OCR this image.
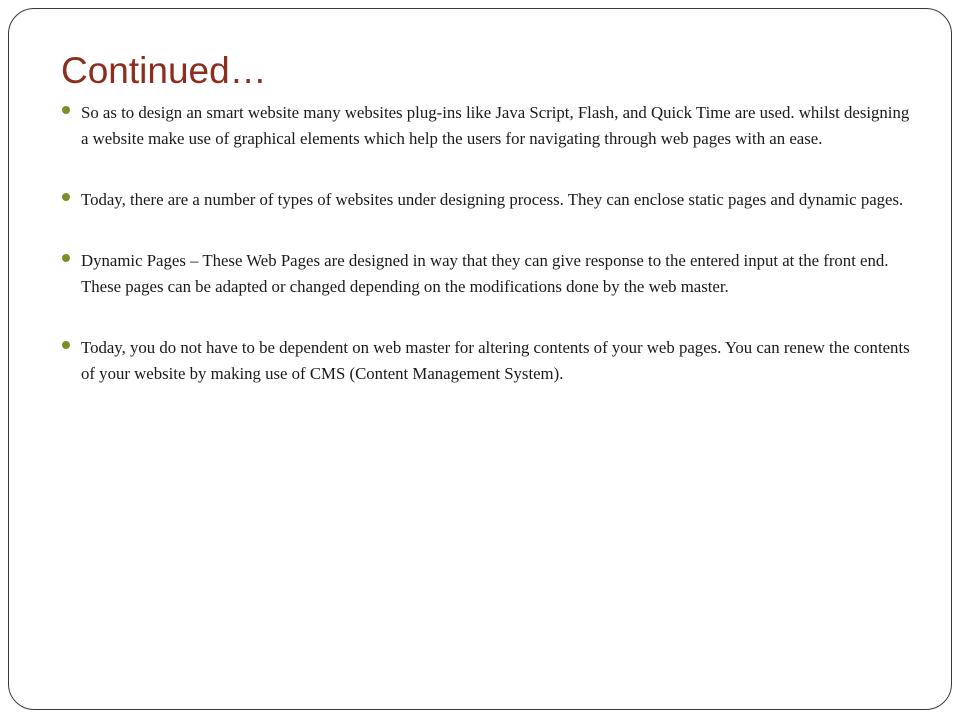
Continued…
So as to design an smart website many websites plug-ins like Java Script, Flash, and Quick Time are used. whilst designing a website make use of graphical elements which help the users for navigating through web pages with an ease.
Today, there are a number of types of websites under designing process. They can enclose static pages and dynamic pages.
Dynamic Pages – These Web Pages are designed in way that they can give response to the entered input at the front end. These pages can be adapted or changed depending on the modifications done by the web master.
Today, you do not have to be dependent on web master for altering contents of your web pages. You can renew the contents of your website by making use of CMS (Content Management System).
